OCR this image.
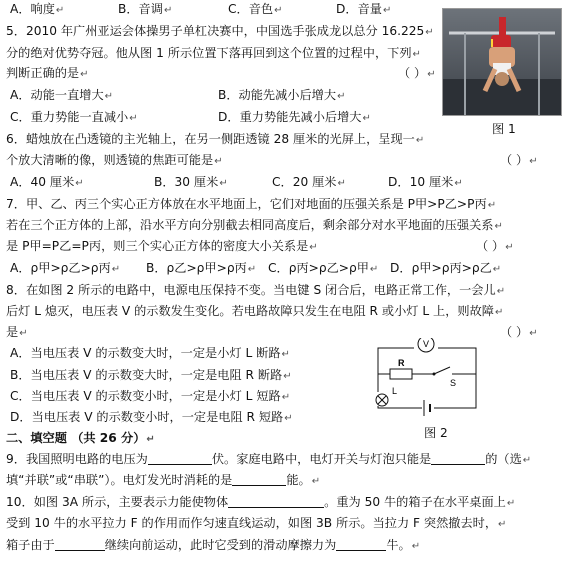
A．响度↵	B．音调↵	C．音色↵	D．音量↵
5．2010 年广州亚运会体操男子单杠决赛中，中国选手张成龙以总分 16.225↵
分的绝对优势夺冠。他从图 1 所示位置下落再回到这个位置的过程中，下列↵
判断正确的是↵	（ ）↵
A．动能一直增大↵	B．动能先减小后增大↵
C．重力势能一直减小↵	D．重力势能先减小后增大↵
6．蜡烛放在凸透镜的主光轴上，在另一侧距透镜 28 厘米的光屏上，呈现一↵
个放大清晰的像，则透镜的焦距可能是↵	（ ）↵
A．40 厘米↵	B．30 厘米↵	C．20 厘米↵	D．10 厘米↵
7．甲、乙、丙三个实心正方体放在水平地面上，它们对地面的压强关系是 P甲>P乙>P丙↵
若在三个正方体的上部，沿水平方向分别截去相同高度后，剩余部分对水平地面的压强关系↵
是 P甲=P乙=P丙，则三个实心正方体的密度大小关系是↵	（ ）↵
A．ρ甲>ρ乙>ρ丙↵ B．ρ乙>ρ甲>ρ丙↵ C．ρ丙>ρ乙>ρ甲↵ D．ρ甲>ρ丙>ρ乙↵
8．在如图 2 所示的电路中，电源电压保持不变。当电键 S 闭合后，电路正常工作，一会儿↵
后灯 L 熄灭，电压表 V 的示数发生变化。若电路故障只发生在电阻 R 或小灯 L 上，则故障↵
是↵	（ ）↵
A．当电压表 V 的示数变大时，一定是小灯 L 断路↵
B．当电压表 V 的示数变大时，一定是电阻 R 断路↵
C．当电压表 V 的示数变小时，一定是小灯 L 短路↵
D．当电压表 V 的示数变小时，一定是电阻 R 短路↵
二、填空题 （共 26 分）↵
9．我国照明电路的电压为	伏。家庭电路中，电灯开关与灯泡只能是	的（选↵
填“并联”或“串联”）。电灯发光时消耗的是	能。↵
10．如图 3A 所示，主要表示力能使物体	。重为 50 牛的箱子在水平桌面上↵
受到 10 牛的水平拉力 F 的作用而作匀速直线运动，如图 3B 所示。当拉力 F 突然撤去时，↵
箱子由于	继续向前运动，此时它受到的滑动摩擦力为	牛。↵
图 1
V
R
S
L
图 2
